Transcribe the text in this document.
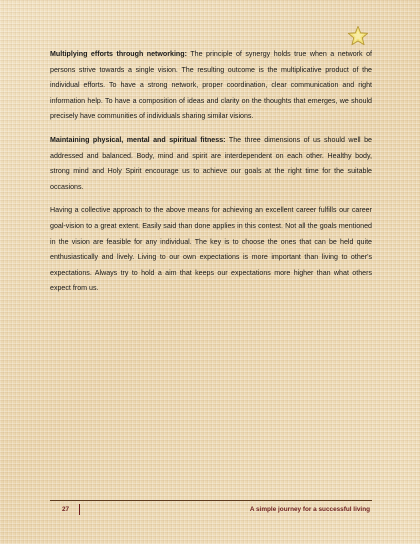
Multiplying efforts through networking: The principle of synergy holds true when a network of persons strive towards a single vision. The resulting outcome is the multiplicative product of the individual efforts. To have a strong network, proper coordination, clear communication and right information help. To have a composition of ideas and clarity on the thoughts that emerges, we should precisely have communities of individuals sharing similar visions.

Maintaining physical, mental and spiritual fitness: The three dimensions of us should well be addressed and balanced. Body, mind and spirit are interdependent on each other. Healthy body, strong mind and Holy Spirit encourage us to achieve our goals at the right time for the suitable occasions.

Having a collective approach to the above means for achieving an excellent career fulfills our career goal-vision to a great extent. Easily said than done applies in this contest. Not all the goals mentioned in the vision are feasible for any individual. The key is to choose the ones that can be held quite enthusiastically and lively. Living to our own expectations is more important than living to other's expectations. Always try to hold a aim that keeps our expectations more higher than what others expect from us.

27	A simple journey for a successful living
